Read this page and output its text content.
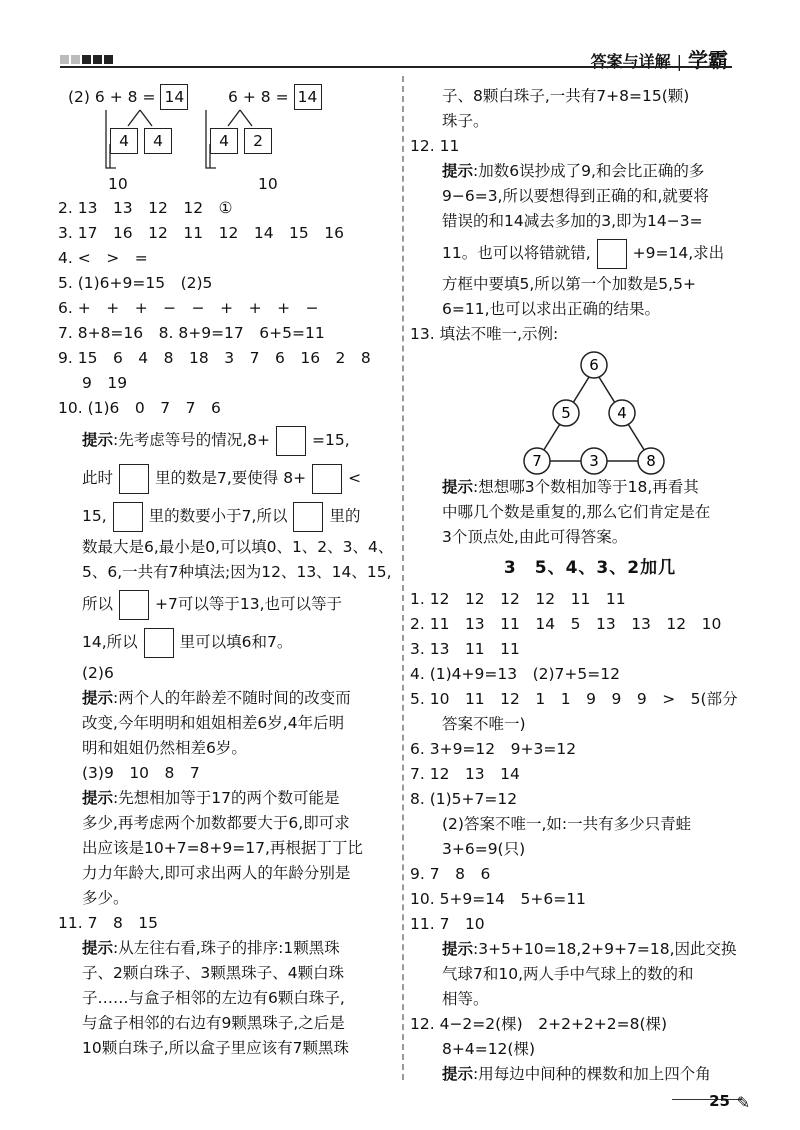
答案与详解 | 学霸
(2) 6 + 8 = 14
4	4
10
6 + 8 = 14
4	2
10
2. 13　13　12　12　①
3. 17　16　12　11　12　14　15　16
4. <　>　=
5. (1)6+9=15　(2)5
6. +　+　+　−　−　+　+　+　−
7. 8+8=16　8. 8+9=17　6+5=11
9. 15　6　4　8　18　3　7　6　16　2　8
9　19
10. (1)6　0　7　7　6
提示:先考虑等号的情况,8+	=15,
此时	里的数是7,要使得 8+	<
15,	里的数要小于7,所以	里的
数最大是6,最小是0,可以填0、1、2、3、4、
5、6,一共有7种填法;因为12、13、14、15,
所以	+7可以等于13,也可以等于
14,所以	里可以填6和7。
(2)6
提示:两个人的年龄差不随时间的改变而
改变,今年明明和姐姐相差6岁,4年后明
明和姐姐仍然相差6岁。
(3)9　10　8　7
提示:先想相加等于17的两个数可能是
多少,再考虑两个加数都要大于6,即可求
出应该是10+7=8+9=17,再根据丁丁比
力力年龄大,即可求出两人的年龄分别是
多少。
11. 7　8　15
提示:从左往右看,珠子的排序:1颗黑珠
子、2颗白珠子、3颗黑珠子、4颗白珠
子……与盒子相邻的左边有6颗白珠子,
与盒子相邻的右边有9颗黑珠子,之后是
10颗白珠子,所以盒子里应该有7颗黑珠
子、8颗白珠子,一共有7+8=15(颗)
珠子。
12. 11
提示:加数6误抄成了9,和会比正确的多
9−6=3,所以要想得到正确的和,就要将
错误的和14减去多加的3,即为14−3=
11。也可以将错就错,	+9=14,求出
方框中要填5,所以第一个加数是5,5+
6=11,也可以求出正确的结果。
13. 填法不唯一,示例:
6
5	4
7	3	8
提示:想想哪3个数相加等于18,再看其
中哪几个数是重复的,那么它们肯定是在
3个顶点处,由此可得答案。
3　5、4、3、2加几
1. 12　12　12　12　11　11
2. 11　13　11　14　5　13　13　12　10
3. 13　11　11
4. (1)4+9=13　(2)7+5=12
5. 10　11　12　1　1　9　9　9　>　5(部分
答案不唯一)
6. 3+9=12　9+3=12
7. 12　13　14
8. (1)5+7=12
(2)答案不唯一,如:一共有多少只青蛙
3+6=9(只)
9. 7　8　6
10. 5+9=14　5+6=11
11. 7　10
提示:3+5+10=18,2+9+7=18,因此交换
气球7和10,两人手中气球上的数的和
相等。
12. 4−2=2(棵)　2+2+2+2=8(棵)
8+4=12(棵)
提示:用每边中间种的棵数和加上四个角
25 ✎
